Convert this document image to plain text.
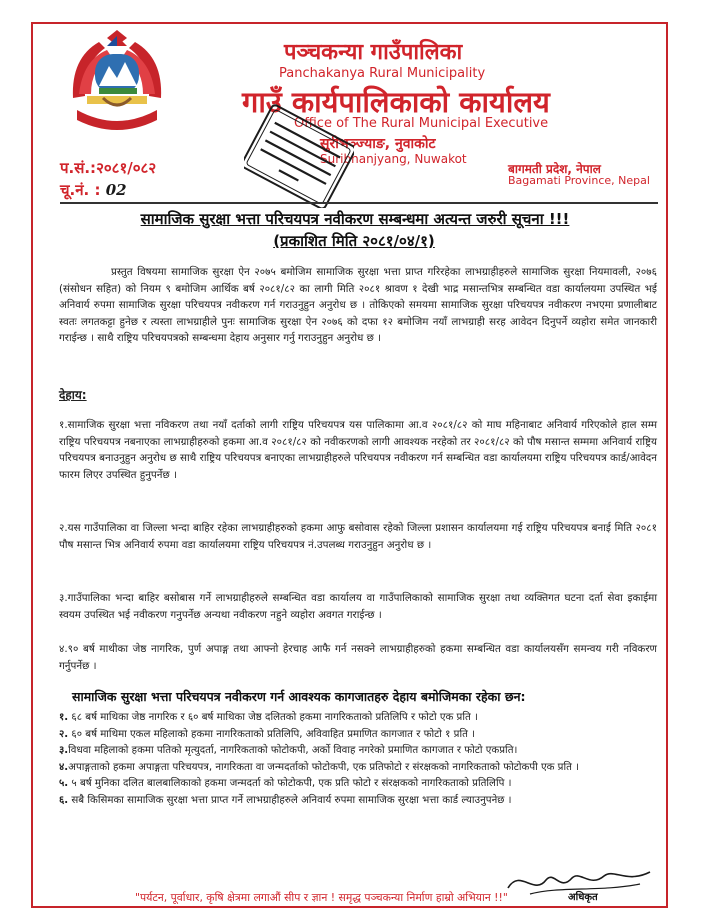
पञ्चकन्या गाउँपालिका
Panchakanya Rural Municipality
गाउँ कार्यपालिकाको कार्यालय
Office of The Rural Municipal Executive
सुरीभञ्ज्याङ, नुवाकोट
Suribhanjyang, Nuwakot
प.सं.:२०८१/०८२
चू.नं. : 02
बागमती प्रदेश, नेपाल
Bagamati Province, Nepal
सामाजिक सुरक्षा भत्ता परिचयपत्र नवीकरण सम्बन्धमा अत्यन्त जरुरी सूचना !!!
(प्रकाशित मिति २०८१/०४/१)
प्रस्तुत विषयमा सामाजिक सुरक्षा ऐन २०७५ बमोजिम सामाजिक सुरक्षा भत्ता प्राप्त गरिरहेका लाभग्राहीहरुले सामाजिक सुरक्षा नियमावली, २०७६ (संसोधन सहित) को नियम ९ बमोजिम आर्थिक बर्ष २०८१/८२ का लागी मिति २०८१ श्रावण १ देखी भाद्र मसान्तभित्र सम्बन्धित वडा कार्यालयमा उपस्थित भई अनिवार्य रुपमा सामाजिक सुरक्षा परिचयपत्र नवीकरण गर्न गराउनुहुन अनुरोध छ । तोकिएको समयमा सामाजिक सुरक्षा परिचयपत्र नवीकरण नभएमा प्रणालीबाट स्वतः लगतकट्टा हुनेछ र त्यस्ता लाभग्राहीले पुनः सामाजिक सुरक्षा ऐन २०७६ को दफा १२ बमोजिम नयाँ लाभग्राही सरह आवेदन दिनुपर्ने व्यहोरा समेत जानकारी गराईन्छ । साथै राष्ट्रिय परिचयपत्रको सम्बन्धमा देहाय अनुसार गर्नु गराउनुहुन अनुरोध छ ।
देहाय:
१.सामाजिक सुरक्षा भत्ता नविकरण तथा नयाँ दर्ताको लागी राष्ट्रिय परिचयपत्र यस पालिकामा आ.व २०८१/८२ को माघ महिनाबाट अनिवार्य गरिएकोले हाल सम्म राष्ट्रिय परिचयपत्र नबनाएका लाभग्राहीहरुको हकमा आ.व २०८१/८२ को नवीकरणको लागी आवश्यक नरहेको तर २०८१/८२ को पौष मसान्त सम्ममा अनिवार्य राष्ट्रिय परिचयपत्र बनाउनुहुन अनुरोध छ साथै राष्ट्रिय परिचयपत्र बनाएका लाभग्राहीहरुले परिचयपत्र नवीकरण गर्न सम्बन्धित वडा कार्यालयमा राष्ट्रिय परिचयपत्र कार्ड/आवेदन फारम लिएर उपस्थित हुनुपर्नेछ ।
२.यस गाउँपालिका वा जिल्ला भन्दा बाहिर रहेका लाभग्राहीहरुको हकमा आफु बसोवास रहेको जिल्ला प्रशासन कार्यालयमा गई राष्ट्रिय परिचयपत्र बनाई मिति २०८१ पौष मसान्त भित्र अनिवार्य रुपमा वडा कार्यालयमा राष्ट्रिय परिचयपत्र नं.उपलब्ध गराउनुहुन अनुरोध छ ।
३.गाउँपालिका भन्दा बाहिर बसोबास गर्ने लाभग्राहीहरुले सम्बन्धित वडा कार्यालय वा गाउँपालिकाको सामाजिक सुरक्षा तथा व्यक्तिगत घटना दर्ता सेवा इकाईमा स्वयम उपस्थित भई नवीकरण गनुपर्नेछ अन्यथा नवीकरण नहुने व्यहोरा अवगत गराईन्छ ।
४.९० बर्ष माथीका जेष्ठ नागरिक, पुर्ण अपाङ्ग तथा आफ्नो हेरचाह आफै गर्न नसक्ने लाभग्राहीहरुको हकमा सम्बन्धित वडा कार्यालयसँग समन्वय गरी नविकरण गर्नुपर्नेछ ।
सामाजिक सुरक्षा भत्ता परिचयपत्र नवीकरण गर्न आवश्यक कागजातहरु देहाय बमोजिमका रहेका छन:
१. ६८ बर्ष माथिका जेष्ठ नागरिक र ६० बर्ष माथिका जेष्ठ दलितको हकमा नागरिकताको प्रतिलिपि र फोटो एक प्रति ।
२. ६० बर्ष माथिमा एकल महिलाको हकमा नागरिकताको प्रतिलिपि, अविवाहित प्रमाणित कागजात र फोटो १ प्रति ।
३.विधवा महिलाको हकमा पतिको मृत्युदर्ता, नागरिकताको फोटोकपी, अर्को विवाह नगरेको प्रमाणित कागजात र फोटो एकप्रति।
४.अपाङ्गताको हकमा अपाङ्गता परिचयपत्र, नागरिकता वा जन्मदर्ताको फोटोकपी, एक प्रतिफोटो र संरक्षकको नागरिकताको फोटोकपी एक प्रति ।
५. ५ बर्ष मुनिका दलित बालबालिकाको हकमा जन्मदर्ता को फोटोकपी, एक प्रति फोटो र संरक्षकको नागरिकताको प्रतिलिपि ।
६. सबै किसिमका सामाजिक सुरक्षा भत्ता प्राप्त गर्ने लाभग्राहीहरुले अनिवार्य रुपमा सामाजिक सुरक्षा भत्ता कार्ड ल्याउनुपनेछ ।
"पर्यटन, पूर्वाधार, कृषि क्षेत्रमा लगाऔं सीप र ज्ञान ! समृद्ध पञ्चकन्या निर्माण हाम्रो अभियान !!"	अधिकृत
